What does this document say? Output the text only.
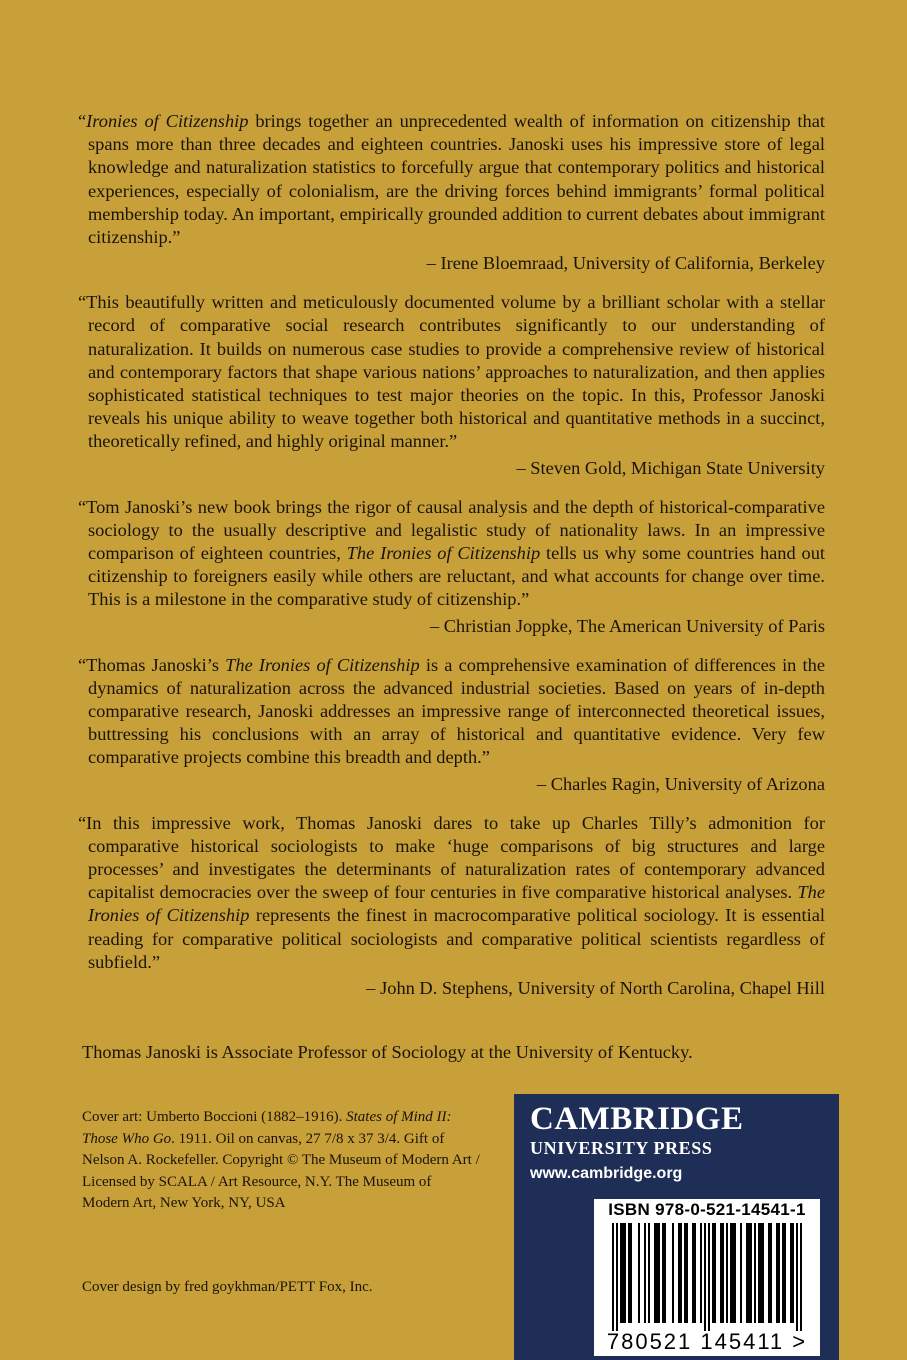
“Ironies of Citizenship brings together an unprecedented wealth of information on citizenship that spans more than three decades and eighteen countries. Janoski uses his impressive store of legal knowledge and naturalization statistics to forcefully argue that contemporary politics and historical experiences, especially of colonialism, are the driving forces behind immigrants’ formal political membership today. An important, empirically grounded addition to current debates about immigrant citizenship.”

– Irene Bloemraad, University of California, Berkeley

“This beautifully written and meticulously documented volume by a brilliant scholar with a stellar record of comparative social research contributes significantly to our understanding of naturalization. It builds on numerous case studies to provide a comprehensive review of historical and contemporary factors that shape various nations’ approaches to naturalization, and then applies sophisticated statistical techniques to test major theories on the topic. In this, Professor Janoski reveals his unique ability to weave together both historical and quantitative methods in a succinct, theoretically refined, and highly original manner.”

– Steven Gold, Michigan State University

“Tom Janoski’s new book brings the rigor of causal analysis and the depth of historical-comparative sociology to the usually descriptive and legalistic study of nationality laws. In an impressive comparison of eighteen countries, The Ironies of Citizenship tells us why some countries hand out citizenship to foreigners easily while others are reluctant, and what accounts for change over time. This is a milestone in the comparative study of citizenship.”

– Christian Joppke, The American University of Paris

“Thomas Janoski’s The Ironies of Citizenship is a comprehensive examination of differences in the dynamics of naturalization across the advanced industrial societies. Based on years of in-depth comparative research, Janoski addresses an impressive range of interconnected theoretical issues, buttressing his conclusions with an array of historical and quantitative evidence. Very few comparative projects combine this breadth and depth.”

– Charles Ragin, University of Arizona

“In this impressive work, Thomas Janoski dares to take up Charles Tilly’s admonition for comparative historical sociologists to make ‘huge comparisons of big structures and large processes’ and investigates the determinants of naturalization rates of contemporary advanced capitalist democracies over the sweep of four centuries in five comparative historical analyses. The Ironies of Citizenship represents the finest in macrocomparative political sociology. It is essential reading for comparative political sociologists and comparative political scientists regardless of subfield.”

– John D. Stephens, University of North Carolina, Chapel Hill

Thomas Janoski is Associate Professor of Sociology at the University of Kentucky.

Cover art: Umberto Boccioni (1882–1916). States of Mind II: Those Who Go. 1911. Oil on canvas, 27 7/8 x 37 3/4. Gift of Nelson A. Rockefeller. Copyright © The Museum of Modern Art / Licensed by SCALA / Art Resource, N.Y. The Museum of Modern Art, New York, NY, USA

Cover design by fred goykhman/PETT Fox, Inc.

CAMBRIDGE
UNIVERSITY PRESS
www.cambridge.org
ISBN 978-0-521-14541-1
780521 145411 >
